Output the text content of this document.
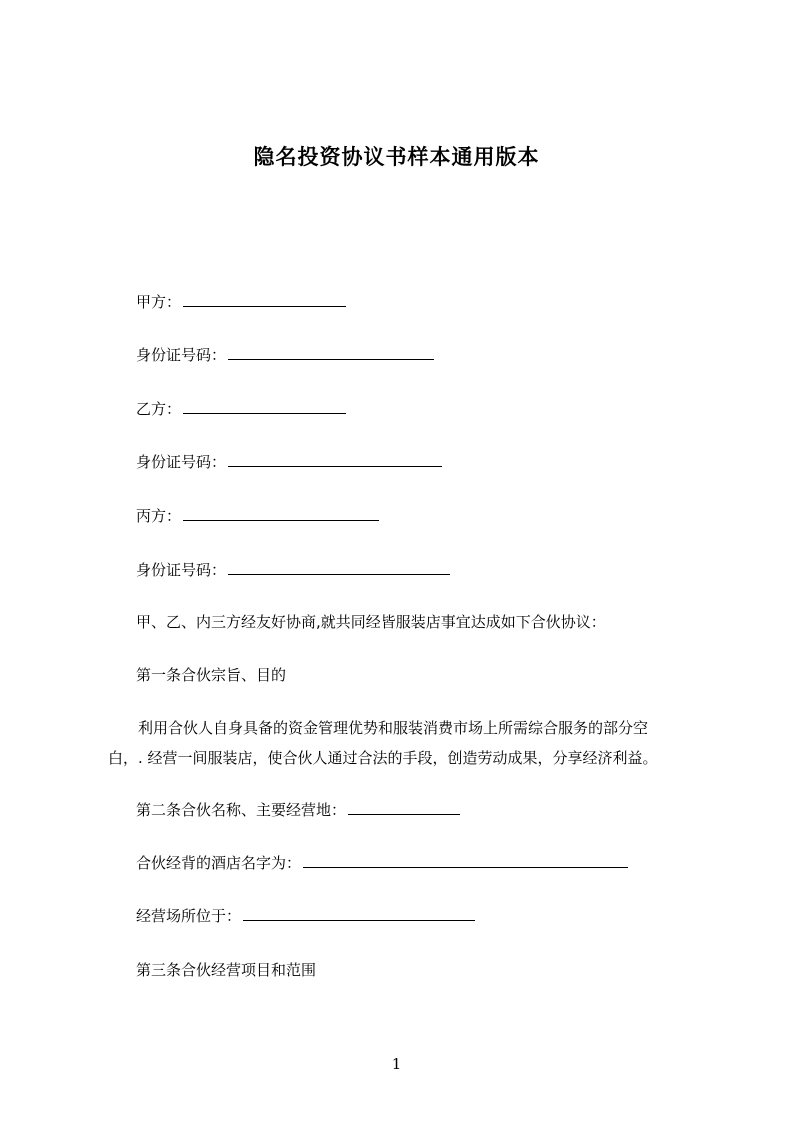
隐名投资协议书样本通用版本
甲方：
身份证号码：
乙方：
身份证号码：
丙方：
身份证号码：
甲、乙、内三方经友好协商,就共同经皆服装店事宜达成如下合伙协议：
第一条合伙宗旨、目的
利用合伙人自身具备的资金管理优势和服装消费市场上所需综合服务的部分空
白，. 经营一间服装店，使合伙人通过合法的手段，创造劳动成果，分享经济利益。
第二条合伙名称、主要经营地：
合伙经背的酒店名字为：
经营场所位于：
第三条合伙经营项目和范围
1
